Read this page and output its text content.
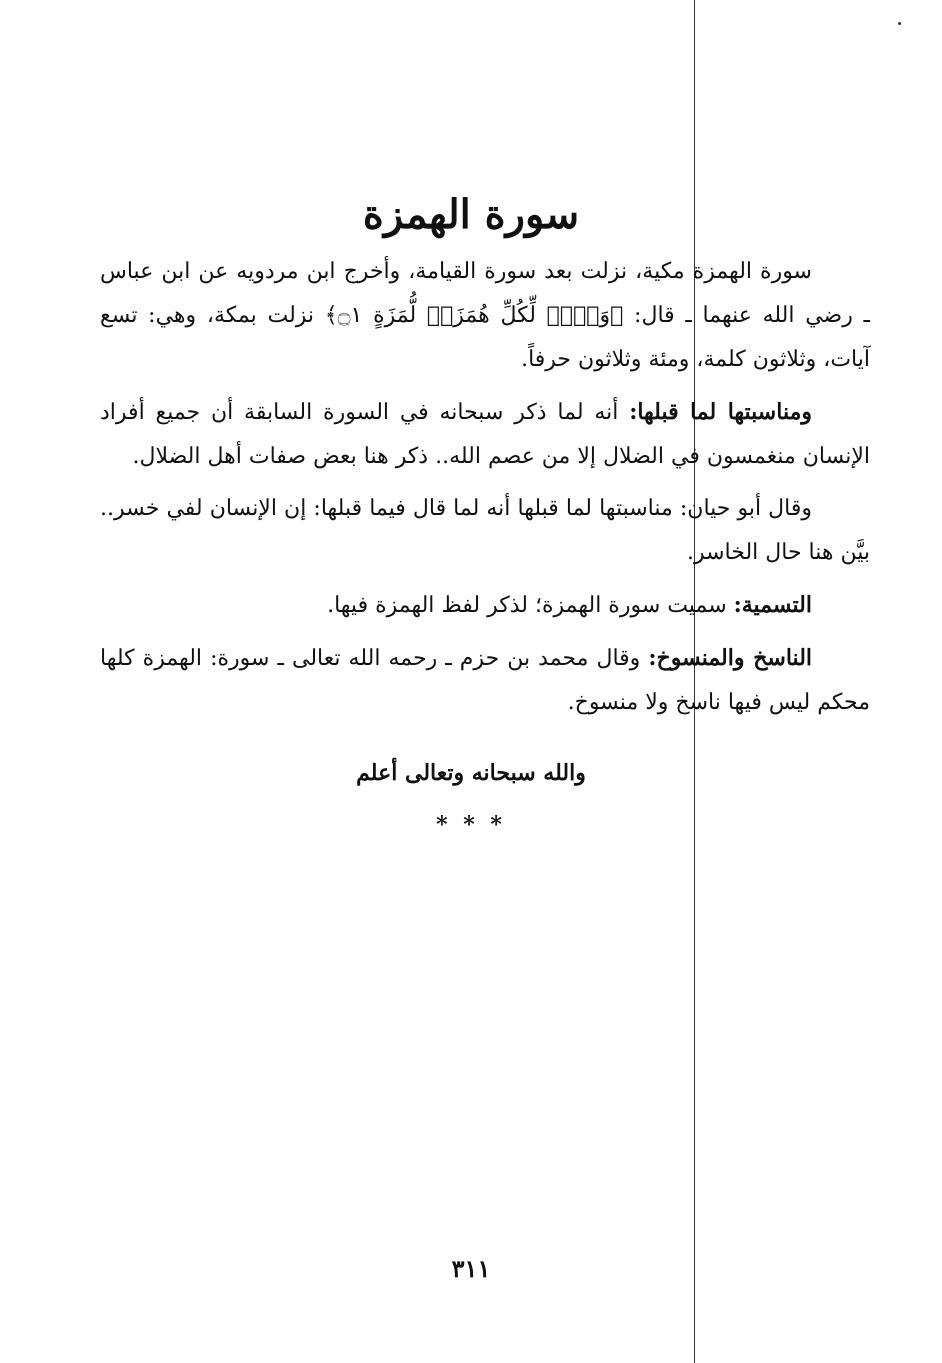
سورة الهمزة

سورة الهمزة مكية، نزلت بعد سورة القيامة، وأخرج ابن مردويه عن ابن عباس ـ رضي الله عنهما ـ قال: ﴿وَيۡلٞ لِّكُلِّ هُمَزَةٖ لُّمَزَةٍ ۝١﴾ نزلت بمكة، وهي: تسع آيات، وثلاثون كلمة، ومئة وثلاثون حرفاً.

ومناسبتها لما قبلها: أنه لما ذكر سبحانه في السورة السابقة أن جميع أفراد الإنسان منغمسون في الضلال إلا من عصم الله.. ذكر هنا بعض صفات أهل الضلال.

وقال أبو حيان: مناسبتها لما قبلها أنه لما قال فيما قبلها: إن الإنسان لفي خسر.. بيَّن هنا حال الخاسر.

التسمية: سميت سورة الهمزة؛ لذكر لفظ الهمزة فيها.

الناسخ والمنسوخ: وقال محمد بن حزم ـ رحمه الله تعالى ـ سورة: الهمزة كلها محكم ليس فيها ناسخ ولا منسوخ.

والله سبحانه وتعالى أعلم
* * *
٣١١
